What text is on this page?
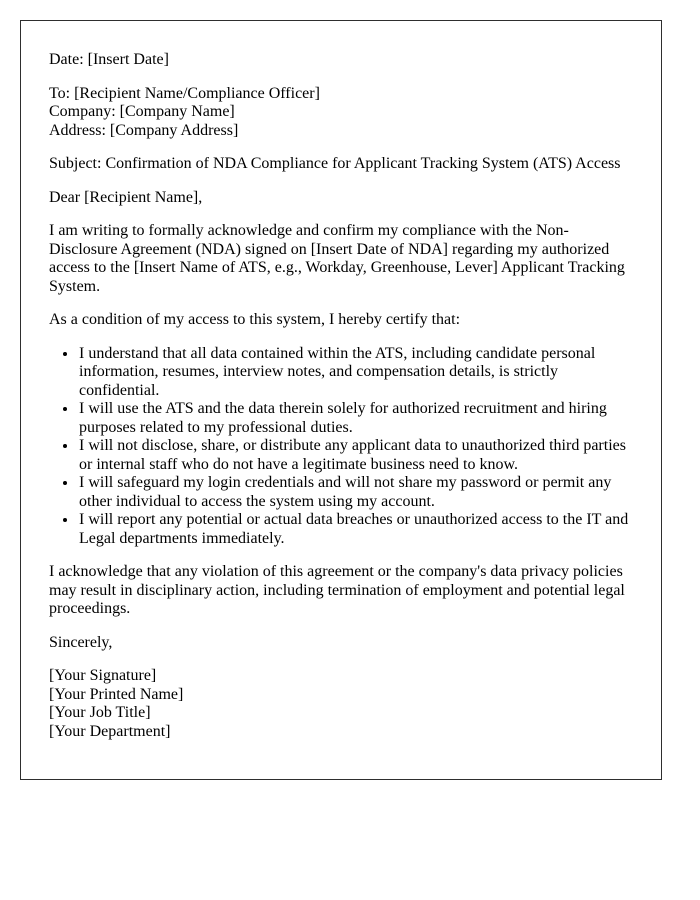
Date: [Insert Date]

To: [Recipient Name/Compliance Officer]
Company: [Company Name]
Address: [Company Address]

Subject: Confirmation of NDA Compliance for Applicant Tracking System (ATS) Access

Dear [Recipient Name],

I am writing to formally acknowledge and confirm my compliance with the Non-Disclosure Agreement (NDA) signed on [Insert Date of NDA] regarding my authorized access to the [Insert Name of ATS, e.g., Workday, Greenhouse, Lever] Applicant Tracking System.

As a condition of my access to this system, I hereby certify that:

• I understand that all data contained within the ATS, including candidate personal information, resumes, interview notes, and compensation details, is strictly confidential.
• I will use the ATS and the data therein solely for authorized recruitment and hiring purposes related to my professional duties.
• I will not disclose, share, or distribute any applicant data to unauthorized third parties or internal staff who do not have a legitimate business need to know.
• I will safeguard my login credentials and will not share my password or permit any other individual to access the system using my account.
• I will report any potential or actual data breaches or unauthorized access to the IT and Legal departments immediately.

I acknowledge that any violation of this agreement or the company's data privacy policies may result in disciplinary action, including termination of employment and potential legal proceedings.

Sincerely,

[Your Signature]
[Your Printed Name]
[Your Job Title]
[Your Department]
